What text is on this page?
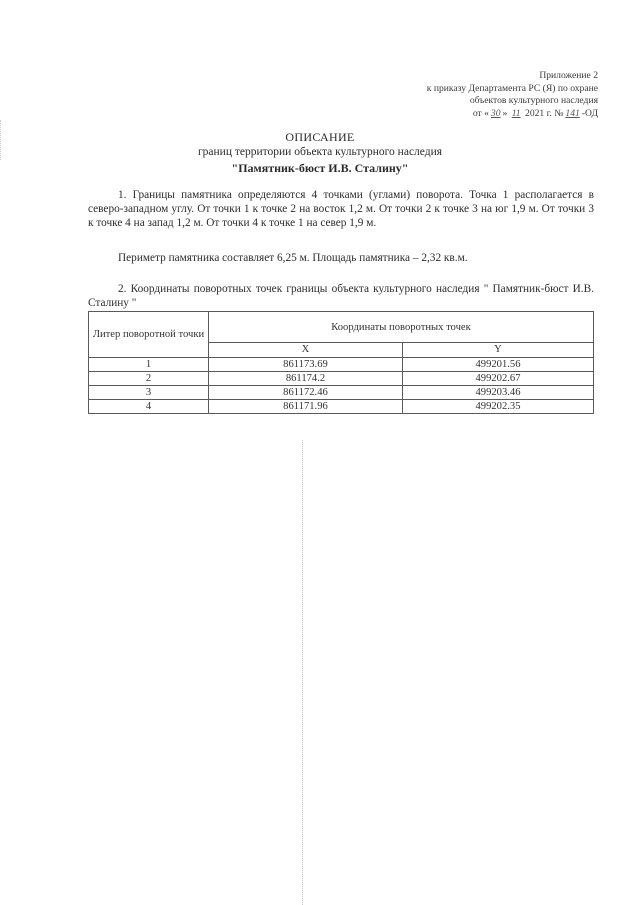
Приложение 2
к приказу Департамента РС (Я) по охране
объектов культурного наследия
от « 30 » 11 2021 г. № 141 -ОД
ОПИСАНИЕ
границ территории объекта культурного наследия
"Памятник-бюст И.В. Сталину"
1. Границы памятника определяются 4 точками (углами) поворота. Точка 1 располагается в северо-западном углу. От точки 1 к точке 2 на восток 1,2 м. От точки 2 к точке 3 на юг 1,9 м. От точки 3 к точке 4 на запад 1,2 м. От точки 4 к точке 1 на север 1,9 м.
Периметр памятника составляет 6,25 м. Площадь памятника – 2,32 кв.м.
2. Координаты поворотных точек границы объекта культурного наследия " Памятник-бюст И.В. Сталину "
Литер поворотной точки	Координаты поворотных точек	
	X	Y
1	861173.69	499201.56
2	861174.2	499202.67
3	861172.46	499203.46
4	861171.96	499202.35
